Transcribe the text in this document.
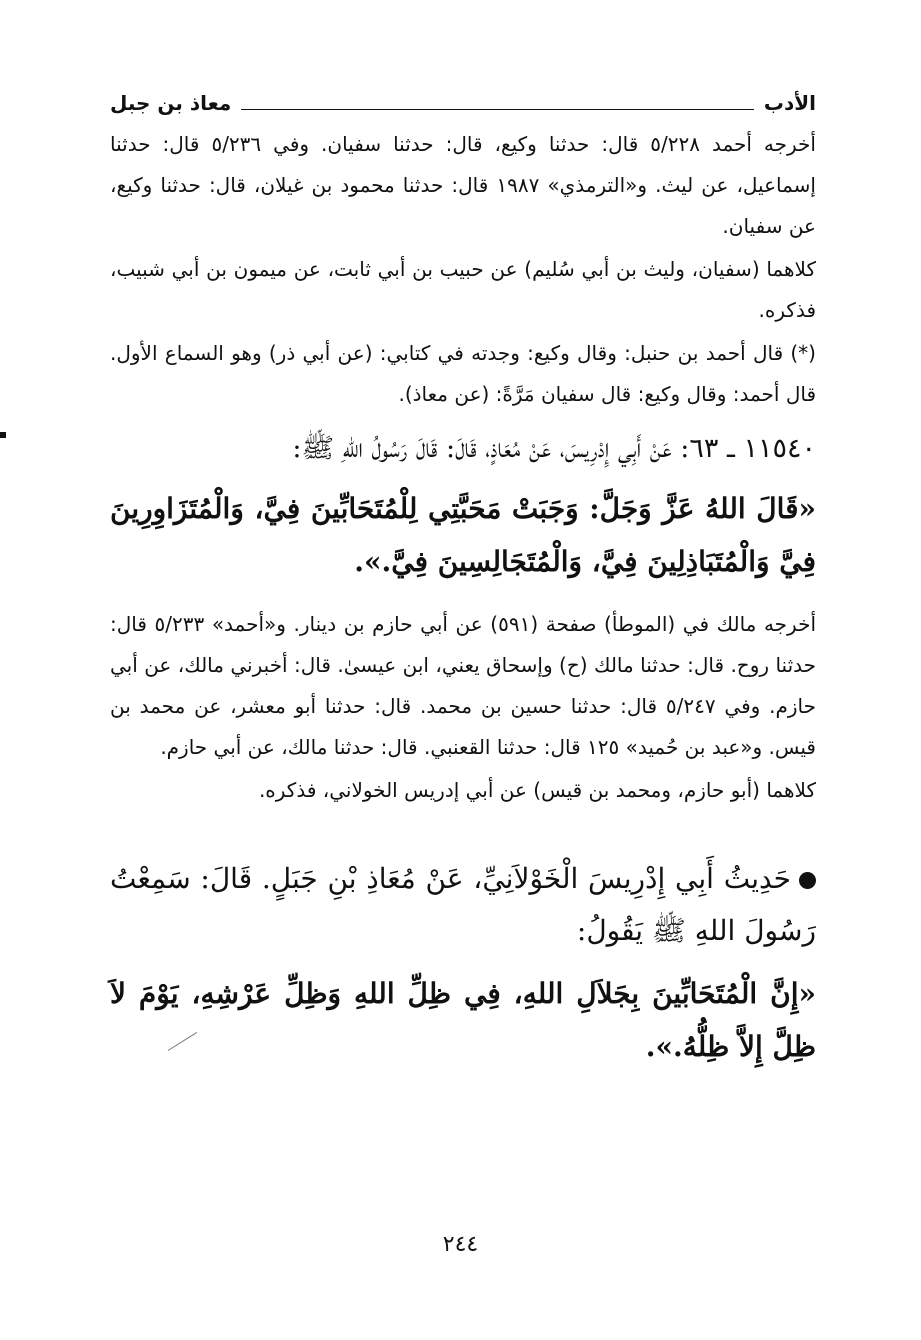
الأدب
معاذ بن جبل

أخرجه أحمد ٥/٢٢٨ قال: حدثنا وكيع، قال: حدثنا سفيان. وفي ٥/٢٣٦ قال: حدثنا إسماعيل، عن ليث. و«الترمذي» ١٩٨٧ قال: حدثنا محمود بن غيلان، قال: حدثنا وكيع، عن سفيان.

كلاهما (سفيان، وليث بن أبي سُليم) عن حبيب بن أبي ثابت، عن ميمون بن أبي شبيب، فذكره.

(*) قال أحمد بن حنبل: وقال وكيع: وجدته في كتابي: (عن أبي ذر) وهو السماع الأول. قال أحمد: وقال وكيع: قال سفيان مَرَّةً: (عن معاذ).

١١٥٤٠ ـ ٦٣: عَنْ أَبِي إِدْرِيسَ، عَنْ مُعَاذٍ، قَالَ: قَالَ رَسُولُ اللهِ ﷺ:

«قَالَ اللهُ عَزَّ وَجَلَّ: وَجَبَتْ مَحَبَّتِي لِلْمُتَحَابِّينَ فِيَّ، وَالْمُتَزَاوِرِينَ فِيَّ وَالْمُتَبَاذِلِينَ فِيَّ، وَالْمُتَجَالِسِينَ فِيَّ.».

أخرجه مالك في (الموطأ) صفحة (٥٩١) عن أبي حازم بن دينار. و«أحمد» ٥/٢٣٣ قال: حدثنا روح. قال: حدثنا مالك (ح) وإسحاق يعني، ابن عيسىٰ. قال: أخبرني مالك، عن أبي حازم. وفي ٥/٢٤٧ قال: حدثنا حسين بن محمد. قال: حدثنا أبو معشر، عن محمد بن قيس. و«عبد بن حُميد» ١٢٥ قال: حدثنا القعنبي. قال: حدثنا مالك، عن أبي حازم.

كلاهما (أبو حازم، ومحمد بن قيس) عن أبي إدريس الخولاني، فذكره.

حَدِيثُ أَبِي إِدْرِيسَ الْخَوْلاَنِيِّ، عَنْ مُعَاذِ بْنِ جَبَلٍ. قَالَ: سَمِعْتُ رَسُولَ اللهِ ﷺ يَقُولُ:

«إِنَّ الْمُتَحَابِّينَ بِجَلاَلِ اللهِ، فِي ظِلِّ اللهِ وَظِلِّ عَرْشِهِ، يَوْمَ لاَ ظِلَّ إِلاَّ ظِلُّهُ.».

٢٤٤
